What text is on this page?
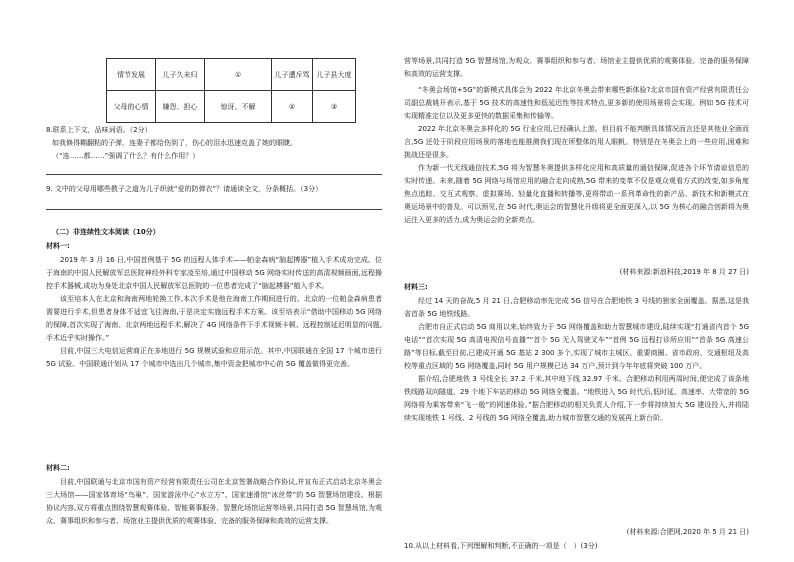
情节发展	儿子久未归	①	儿子遭斥骂	儿子县大度
父母的心情	嫌怨、担心	惊讶、不解	②	③
8.联系上下文，品味词语。（2分）
如我倏得糊翻粘的子弹，连妻子都给伤到了，伤心的泪水迅速克盖了她的眼睫。
（“连……都……”强调了什么？有什么作用？）
9. 文中的父母用哪些教子之道为儿子织就“爱的防弹衣”？请通读全文，分条概括。（3分）
（二）非连续性文本阅读（10分）
材料一:

2019 年 3 月 16 日,中国首例基于 5G 的远程人体手术——帕金森病“脑起搏器”植入手术成功完成。位于海南的中国人民解放军总医院神经外科专家凌至培,通过中国移动 5G 网络实时传送的高清视频画面,远程操控手术器械,成功为身处北京中国人民解放军总医院的一位患者完成了“脑起搏器”植入手术。

该至培本人在北京和海南两地轮换工作,本次手术是他在海南工作期间进行的。北京的一位帕金森病患者需要进行手术,但患者身体不适宜飞往海南,于是决定实施远程手术方案。该至培表示“借助中国移动 5G 网络的保障,首次实现了海南、北京两地远程手术,解决了 4G 网络条件下手术视频卡顿、远程控制延迟明显的问题,手术近乎实时操作。”

目前,中国三大电信运营商正在多地进行 5G 规模试验和应用示范。其中,中国联通在全国 17 个城市进行 5G 试验。中国联通计划从 17 个城市中选出几个城市,集中资金把城市中心的 5G 覆盖做得更完善。

材料二:

目前,中国联通与北京市国有资产经营有限责任公司在北京签署战略合作协议,并宣布正式启动北京冬奥会三大场馆——国家体育场“鸟巢”、国家游泳中心“水立方”、国家速滑馆“冰丝带”的 5G 智慧场馆建设。根据协议内容,双方将重点围绕智慧观赛体验、智能赛事服务、智慧化场馆运营等场景,共同打造 5G 智慧场馆,为观众、赛事组织和参与者、场馆业主提供优质的观赛体验、完备的服务保障和高效的运营支撑。

营等场景,共同打造 5G 智慧场馆,为观众、赛事组织和参与者、场馆业主提供优质的观赛体验、完备的服务保障和高效的运营支撑。

“冬奥会场馆+5G”的新模式具体会为 2022 年北京冬奥会带来哪些新体验?北京市国有资产经营有限责任公司副总裁姚开表示,基于 5G 技术的高速性和低延迟性等技术特点,更多新的使用场景将会实现。例如 5G 技术可实现精准定位以及更多更快的数据采集和传输等。

2022 年北京冬奥会多样化的 5G 行业应用,已经确认上游。但目前不能判断具体情况而言还是其他业全面而言,5G 还处于阶段应用场景的落地也能推测我们现在所整体的用人眼帆。特别是在冬奥会上的一些应用,困难和挑战还是很多。

作为新一代无线通信技术,5G 将为智慧冬奥提供多样化应用和高质量的通信保障,促进各个环节请谅信息的实时传递。未来,随着 5G 网络与场馆应用的融合走向成熟,5G 带来的变革不仅是观众观看方式的改变,如多角度焦点追踪、交互式观察、虚拟赛场、轻量化直播和转播等,更将带动一系列革命性的新产品、新技术和新模式在奥运场景中的普及。可以预见,在 5G 时代,奥运会的智慧化升级将更全面更深入,以 5G 为核心的融合创新将为奥运注入更多的活力,成为奥运会的全新亮点。

(材料来源:新浪科技,2019 年 8 月 27 日)
材料三:

经过 14 天的奋战,5 月 21 日,合肥移动率先完成 5G 信号在合肥地铁 3 号线的独家全面覆盖。据悉,这是我省首条 5G 地铁线路。

合肥市自正式启动 5G 商用以来,始终致力于 5G 网络覆盖和助力智慧城市建设,陆续实现“打通省内首个 5G 电话”“首次实现 5G 高清电视信号直播”“首个 5G 无人驾驶叉车”“首例 5G 远程打诊所应用”“首条 5G 高速公路”等目标,截至目前,已建成开通 5G 基站 2 300 多个,实现了城市主城区、重要商圈、省市政府、交通枢纽及高校等重点区域的 5G 网络覆盖,同时 5G 用户规模已达 34 万户,预计到今年年底将突破 100 万户。

据介绍,合肥地铁 3 号线全长 37.2 千米,其中地下线 32.97 千米。合肥移动利用两周时间,便完成了该条地铁线路双向隧道、29 个地下车站的移动 5G 网络全覆盖。“地铁进入 5G 时代后,低时延、高速率、大带宽的 5G 网络将为乘客带来“飞一般”的网速体验。”据合肥移动的相关负责人介绍,下一步将持续加大 5G 建设投入,并将陆续实现地铁 1 号线、2 号线的 5G 网络全覆盖,助力城市智慧交通的发展再上新台阶。

(材料来源:合肥网,2020 年 5 月 21 日)
10.从以上材料看,下列理解和判断,不正确的一项是（　）(3分)
